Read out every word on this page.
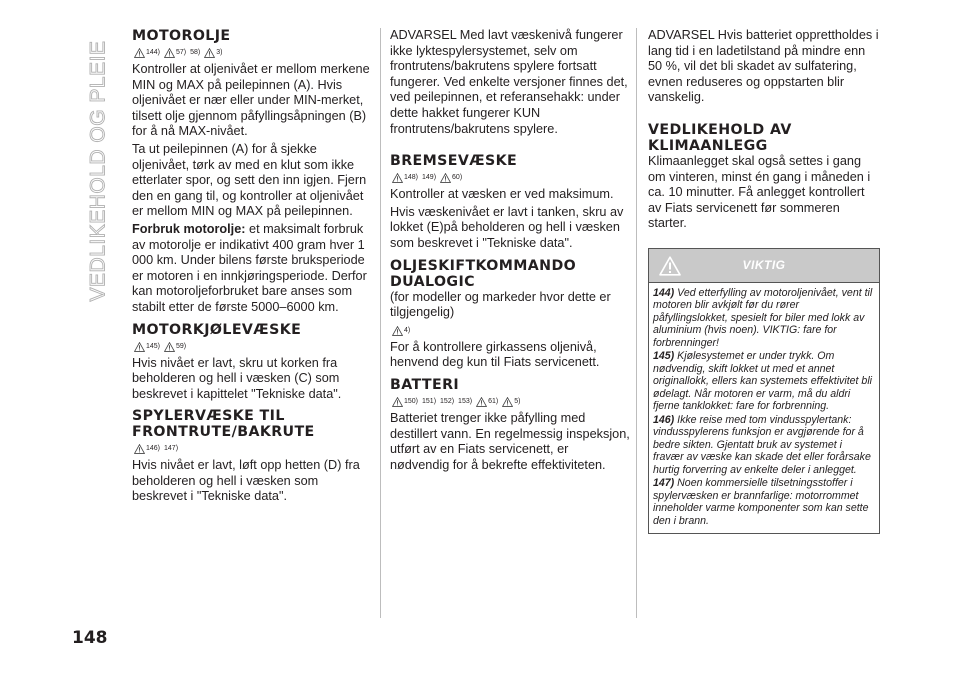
VEDLIKEHOLD OG PLEIE
MOTOROLJE
144) 57) 58) 3)

Kontroller at oljenivået er mellom merkene MIN og MAX på peilepinnen (A). Hvis oljenivået er nær eller under MIN-merket, tilsett olje gjennom påfyllingsåpningen (B) for å nå MAX-nivået.

Ta ut peilepinnen (A) for å sjekke oljenivået, tørk av med en klut som ikke etterlater spor, og sett den inn igjen. Fjern den en gang til, og kontroller at oljenivået er mellom MIN og MAX på peilepinnen.

Forbruk motorolje: et maksimalt forbruk av motorolje er indikativt 400 gram hver 1 000 km. Under bilens første bruksperiode er motoren i en innkjøringsperiode. Derfor kan motoroljeforbruket bare anses som stabilt etter de første 5000–6000 km.

MOTORKJØLEVÆSKE
145) 59)

Hvis nivået er lavt, skru ut korken fra beholderen og hell i væsken (C) som beskrevet i kapittelet "Tekniske data".

SPYLERVÆSKE TIL FRONTRUTE/BAKRUTE
146) 147)

Hvis nivået er lavt, løft opp hetten (D) fra beholderen og hell i væsken som beskrevet i "Tekniske data".

ADVARSEL Med lavt væskenivå fungerer ikke lyktespylersystemet, selv om frontrutens/bakrutens spylere fortsatt fungerer. Ved enkelte versjoner finnes det, ved peilepinnen, et referansehakk: under dette hakket fungerer KUN frontrutens/bakrutens spylere.

BREMSEVÆSKE
148) 149) 60)

Kontroller at væsken er ved maksimum.

Hvis væskenivået er lavt i tanken, skru av lokket (E)på beholderen og hell i væsken som beskrevet i "Tekniske data".

OLJESKIFTKOMMANDO DUALOGIC

(for modeller og markeder hvor dette er tilgjengelig)

4)

For å kontrollere girkassens oljenivå, henvend deg kun til Fiats servicenett.

BATTERI
150) 151) 152) 153) 61) 5)

Batteriet trenger ikke påfylling med destillert vann. En regelmessig inspeksjon, utført av en Fiats servicenett, er nødvendig for å bekrefte effektiviteten.

ADVARSEL Hvis batteriet opprettholdes i lang tid i en ladetilstand på mindre enn 50 %, vil det bli skadet av sulfatering, evnen reduseres og oppstarten blir vanskelig.

VEDLIKEHOLD AV KLIMAANLEGG

Klimaanlegget skal også settes i gang om vinteren, minst én gang i måneden i ca. 10 minutter. Få anlegget kontrollert av Fiats servicenett før sommeren starter.

VIKTIG

144) Ved etterfylling av motoroljenivået, vent til motoren blir avkjølt før du rører påfyllingslokket, spesielt for biler med lokk av aluminium (hvis noen). VIKTIG: fare for forbrenninger!

145) Kjølesystemet er under trykk. Om nødvendig, skift lokket ut med et annet originallokk, ellers kan systemets effektivitet bli ødelagt. Når motoren er varm, må du aldri fjerne tanklokket: fare for forbrenning.

146) Ikke reise med tom vindusspylertank: vindusspylerens funksjon er avgjørende for å bedre sikten. Gjentatt bruk av systemet i fravær av væske kan skade det eller forårsake hurtig forverring av enkelte deler i anlegget.

147) Noen kommersielle tilsetningsstoffer i spylervæsken er brannfarlige: motorrommet inneholder varme komponenter som kan sette den i brann.

148
